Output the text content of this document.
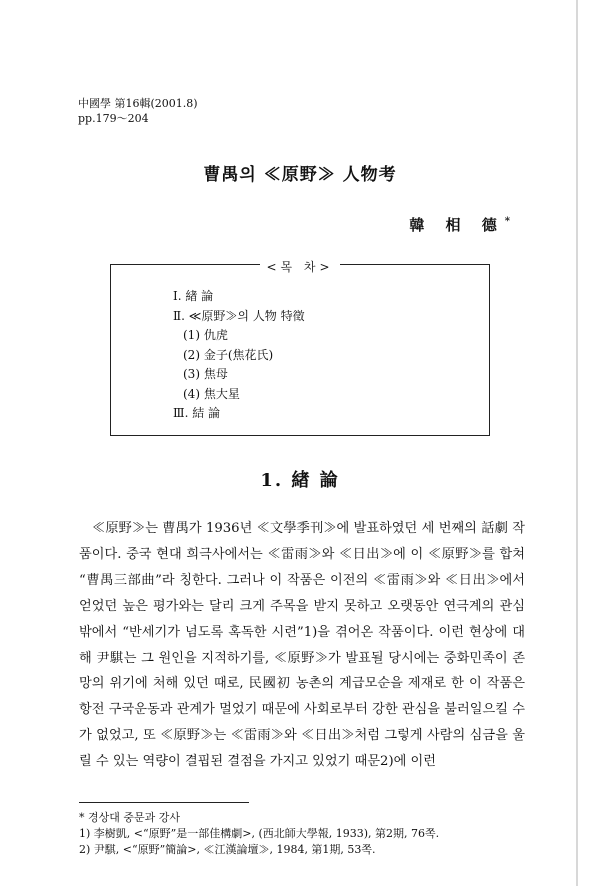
中國學 第16輯(2001.8)
pp.179～204
曹禺의 ≪原野≫ 人物考
韓 相 德*
<목 차>
Ⅰ. 緖 論
Ⅱ. ≪原野≫의 人物 特徵
(1) 仇虎
(2) 金子(焦花氏)
(3) 焦母
(4) 焦大星
Ⅲ. 結 論
1. 緖 論

≪原野≫는 曹禺가 1936년 ≪文學季刊≫에 발표하였던 세 번째의 話劇 작품이다. 중국 현대 희극사에서는 ≪雷雨≫와 ≪日出≫에 이 ≪原野≫를 합쳐 “曹禺三部曲”라 칭한다. 그러나 이 작품은 이전의 ≪雷雨≫와 ≪日出≫에서 얻었던 높은 평가와는 달리 크게 주목을 받지 못하고 오랫동안 연극계의 관심 밖에서 “반세기가 넘도록 혹독한 시련”1)을 겪어온 작품이다. 이런 현상에 대해 尹騏는 그 원인을 지적하기를, ≪原野≫가 발표될 당시에는 중화민족이 존망의 위기에 처해 있던 때로, 民國初 농촌의 계급모순을 제재로 한 이 작품은 항전 구국운동과 관계가 멀었기 때문에 사회로부터 강한 관심을 불러일으킬 수가 없었고, 또 ≪原野≫는 ≪雷雨≫와 ≪日出≫처럼 그렇게 사람의 심금을 울릴 수 있는 역량이 결핍된 결점을 가지고 있었기 때문2)에 이런

* 경상대 중문과 강사
1) 李樹凱, <“原野”是一部佳構劇>, (西北師大學報, 1933), 第2期, 76쪽.
2) 尹騏, <“原野”簡論>, ≪江漢論壇≫, 1984, 第1期, 53쪽.
